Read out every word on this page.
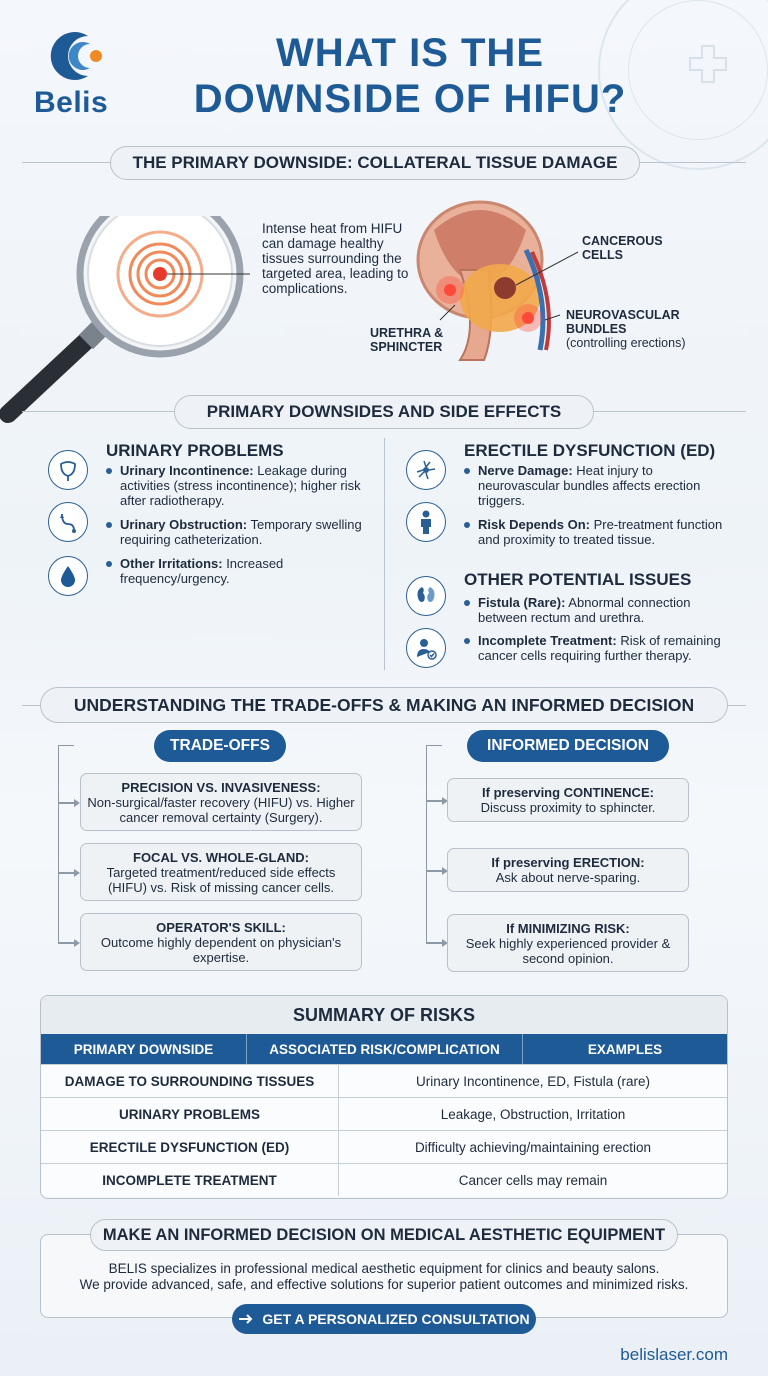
Belis
WHAT IS THE
DOWNSIDE OF HIFU?
THE PRIMARY DOWNSIDE: COLLATERAL TISSUE DAMAGE
Intense heat from HIFU can damage healthy tissues surrounding the targeted area, leading to complications.
CANCEROUS CELLS
URETHRA & SPHINCTER
NEUROVASCULAR BUNDLES
(controlling erections)
PRIMARY DOWNSIDES AND SIDE EFFECTS
URINARY PROBLEMS
Urinary Incontinence: Leakage during activities (stress incontinence); higher risk after radiotherapy.
Urinary Obstruction: Temporary swelling requiring catheterization.
Other Irritations: Increased frequency/urgency.
ERECTILE DYSFUNCTION (ED)
Nerve Damage: Heat injury to neurovascular bundles affects erection triggers.
Risk Depends On: Pre-treatment function and proximity to treated tissue.
OTHER POTENTIAL ISSUES
Fistula (Rare): Abnormal connection between rectum and urethra.
Incomplete Treatment: Risk of remaining cancer cells requiring further therapy.
UNDERSTANDING THE TRADE-OFFS & MAKING AN INFORMED DECISION
TRADE-OFFS
PRECISION VS. INVASIVENESS:
Non-surgical/faster recovery (HIFU) vs. Higher cancer removal certainty (Surgery).
FOCAL VS. WHOLE-GLAND:
Targeted treatment/reduced side effects (HIFU) vs. Risk of missing cancer cells.
OPERATOR'S SKILL:
Outcome highly dependent on physician's expertise.
INFORMED DECISION
If preserving CONTINENCE:
Discuss proximity to sphincter.
If preserving ERECTION:
Ask about nerve-sparing.
If MINIMIZING RISK:
Seek highly experienced provider & second opinion.
SUMMARY OF RISKS
PRIMARY DOWNSIDE	ASSOCIATED RISK/COMPLICATION	EXAMPLES
DAMAGE TO SURROUNDING TISSUES	Urinary Incontinence, ED, Fistula (rare)
URINARY PROBLEMS	Leakage, Obstruction, Irritation
ERECTILE DYSFUNCTION (ED)	Difficulty achieving/maintaining erection
INCOMPLETE TREATMENT	Cancer cells may remain
MAKE AN INFORMED DECISION ON MEDICAL AESTHETIC EQUIPMENT
BELIS specializes in professional medical aesthetic equipment for clinics and beauty salons.
We provide advanced, safe, and effective solutions for superior patient outcomes and minimized risks.
GET A PERSONALIZED CONSULTATION
belislaser.com
